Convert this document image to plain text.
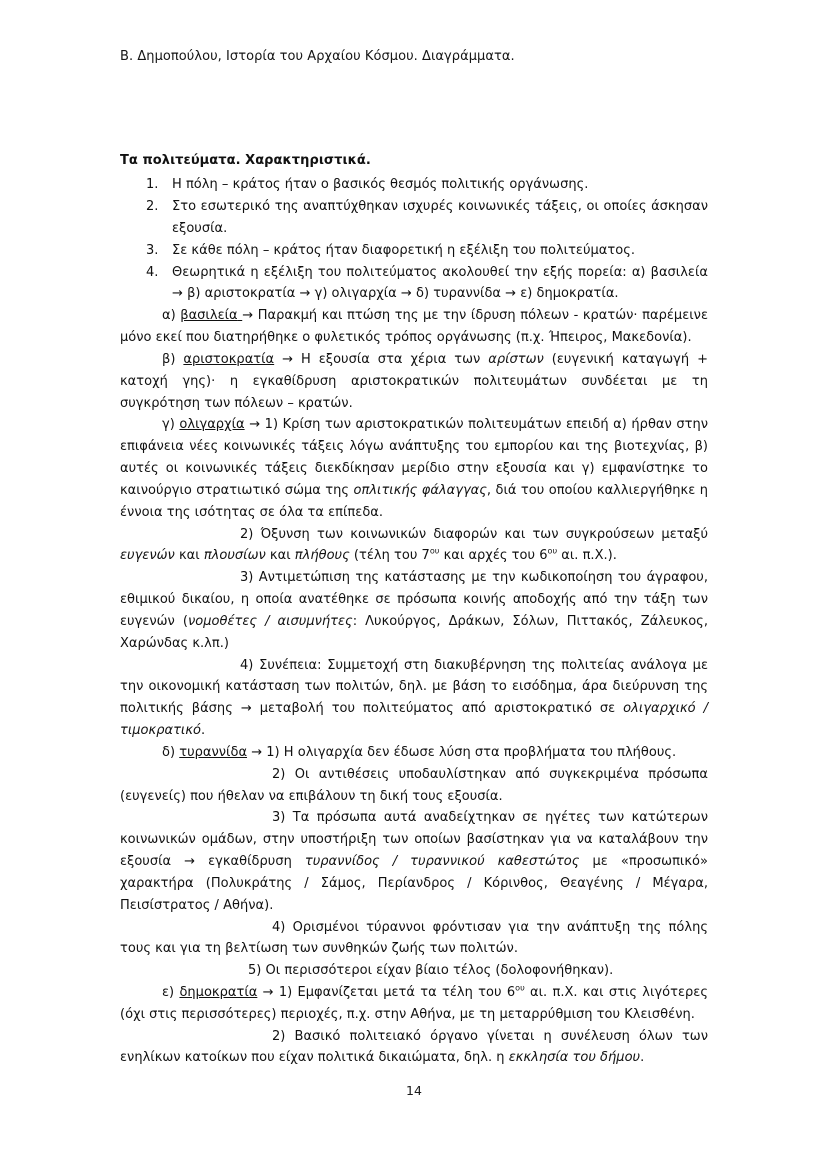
Β. Δημοπούλου, Ιστορία του Αρχαίου Κόσμου. Διαγράμματα.
Τα πολιτεύματα. Χαρακτηριστικά.
Η πόλη – κράτος ήταν ο βασικός θεσμός πολιτικής οργάνωσης.
Στο εσωτερικό της αναπτύχθηκαν ισχυρές κοινωνικές τάξεις, οι οποίες άσκησαν εξουσία.
Σε κάθε πόλη – κράτος ήταν διαφορετική η εξέλιξη του πολιτεύματος.
Θεωρητικά η εξέλιξη του πολιτεύματος ακολουθεί την εξής πορεία: α) βασιλεία → β) αριστοκρατία → γ) ολιγαρχία → δ) τυραννίδα → ε) δημοκρατία.

α) βασιλεία → Παρακμή και πτώση της με την ίδρυση πόλεων - κρατών· παρέμεινε μόνο εκεί που διατηρήθηκε ο φυλετικός τρόπος οργάνωσης (π.χ. Ήπειρος, Μακεδονία).

β) αριστοκρατία → Η εξουσία στα χέρια των αρίστων (ευγενική καταγωγή + κατοχή γης)· η εγκαθίδρυση αριστοκρατικών πολιτευμάτων συνδέεται με τη συγκρότηση των πόλεων – κρατών.

γ) ολιγαρχία → 1) Κρίση των αριστοκρατικών πολιτευμάτων επειδή α) ήρθαν στην επιφάνεια νέες κοινωνικές τάξεις λόγω ανάπτυξης του εμπορίου και της βιοτεχνίας, β) αυτές οι κοινωνικές τάξεις διεκδίκησαν μερίδιο στην εξουσία και γ) εμφανίστηκε το καινούργιο στρατιωτικό σώμα της οπλιτικής φάλαγγας, διά του οποίου καλλιεργήθηκε η έννοια της ισότητας σε όλα τα επίπεδα.

2) Όξυνση των κοινωνικών διαφορών και των συγκρούσεων μεταξύ ευγενών και πλουσίων και πλήθους (τέλη του $7^{o\upsilon}$ και αρχές του $6^{o\upsilon}$ αι. π.Χ.).

3) Αντιμετώπιση της κατάστασης με την κωδικοποίηση του άγραφου, εθιμικού δικαίου, η οποία ανατέθηκε σε πρόσωπα κοινής αποδοχής από την τάξη των ευγενών (νομοθέτες / αισυμνήτες: Λυκούργος, Δράκων, Σόλων, Πιττακός, Ζάλευκος, Χαρώνδας κ.λπ.)

4) Συνέπεια: Συμμετοχή στη διακυβέρνηση της πολιτείας ανάλογα με την οικονομική κατάσταση των πολιτών, δηλ. με βάση το εισόδημα, άρα διεύρυνση της πολιτικής βάσης → μεταβολή του πολιτεύματος από αριστοκρατικό σε ολιγαρχικό / τιμοκρατικό.

δ) τυραννίδα → 1) Η ολιγαρχία δεν έδωσε λύση στα προβλήματα του πλήθους.

2) Οι αντιθέσεις υποδαυλίστηκαν από συγκεκριμένα πρόσωπα (ευγενείς) που ήθελαν να επιβάλουν τη δική τους εξουσία.

3) Τα πρόσωπα αυτά αναδείχτηκαν σε ηγέτες των κατώτερων κοινωνικών ομάδων, στην υποστήριξη των οποίων βασίστηκαν για να καταλάβουν την εξουσία → εγκαθίδρυση τυραννίδος / τυραννικού καθεστώτος με «προσωπικό» χαρακτήρα (Πολυκράτης / Σάμος, Περίανδρος / Κόρινθος, Θεαγένης / Μέγαρα, Πεισίστρατος / Αθήνα).

4) Ορισμένοι τύραννοι φρόντισαν για την ανάπτυξη της πόλης τους και για τη βελτίωση των συνθηκών ζωής των πολιτών.

5) Οι περισσότεροι είχαν βίαιο τέλος (δολοφονήθηκαν).

ε) δημοκρατία → 1) Εμφανίζεται μετά τα τέλη του $6^{o\upsilon}$ αι. π.Χ. και στις λιγότερες (όχι στις περισσότερες) περιοχές, π.χ. στην Αθήνα, με τη μεταρρύθμιση του Κλεισθένη.

2) Βασικό πολιτειακό όργανο γίνεται η συνέλευση όλων των ενηλίκων κατοίκων που είχαν πολιτικά δικαιώματα, δηλ. η εκκλησία του δήμου.

14
